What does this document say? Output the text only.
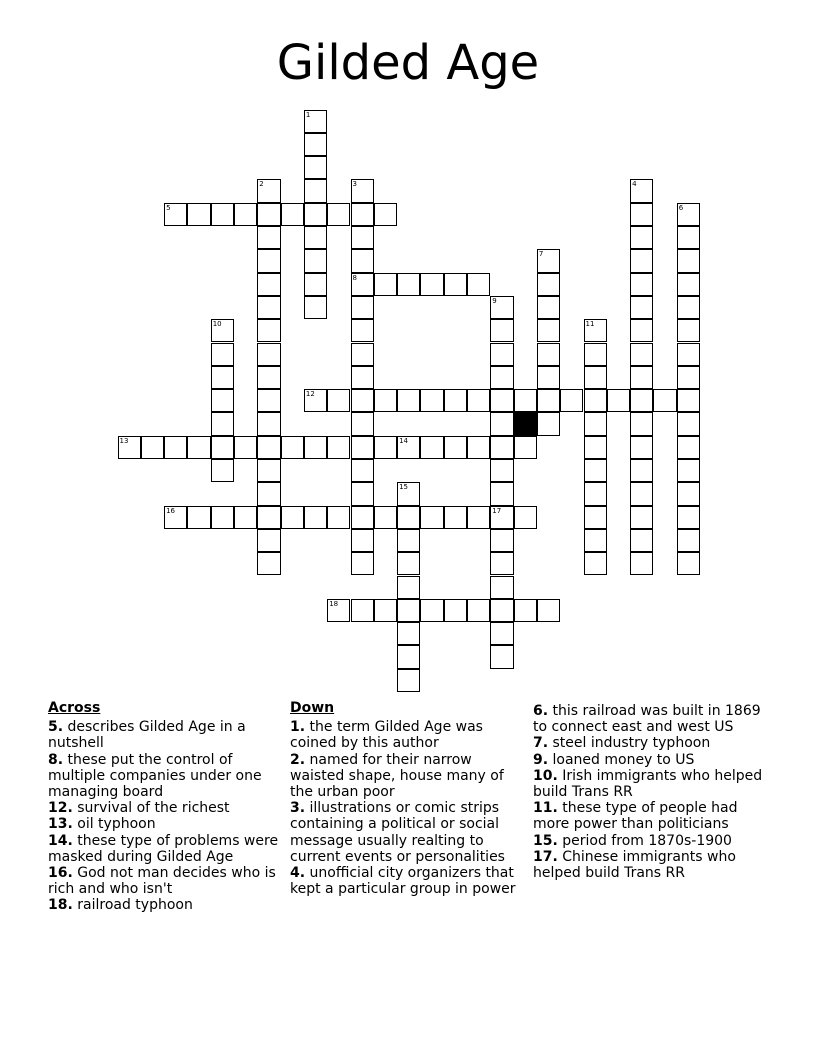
Gilded Age
1
2	3
8
4
5	6
7
9
10	11
12
13	14
15
16	17
18
Across
5. describes Gilded Age in a nutshell
8. these put the control of multiple companies under one managing board
12. survival of the richest
13. oil typhoon
14. these type of problems were masked during Gilded Age
16. God not man decides who is rich and who isn't
18. railroad typhoon
Down
1. the term Gilded Age was coined by this author
2. named for their narrow waisted shape, house many of the urban poor
3. illustrations or comic strips containing a political or social message usually realting to current events or personalities
4. unofficial city organizers that kept a particular group in power
6. this railroad was built in 1869 to connect east and west US
7. steel industry typhoon
9. loaned money to US
10. Irish immigrants who helped build Trans RR
11. these type of people had more power than politicians
15. period from 1870s-1900
17. Chinese immigrants who helped build Trans RR
